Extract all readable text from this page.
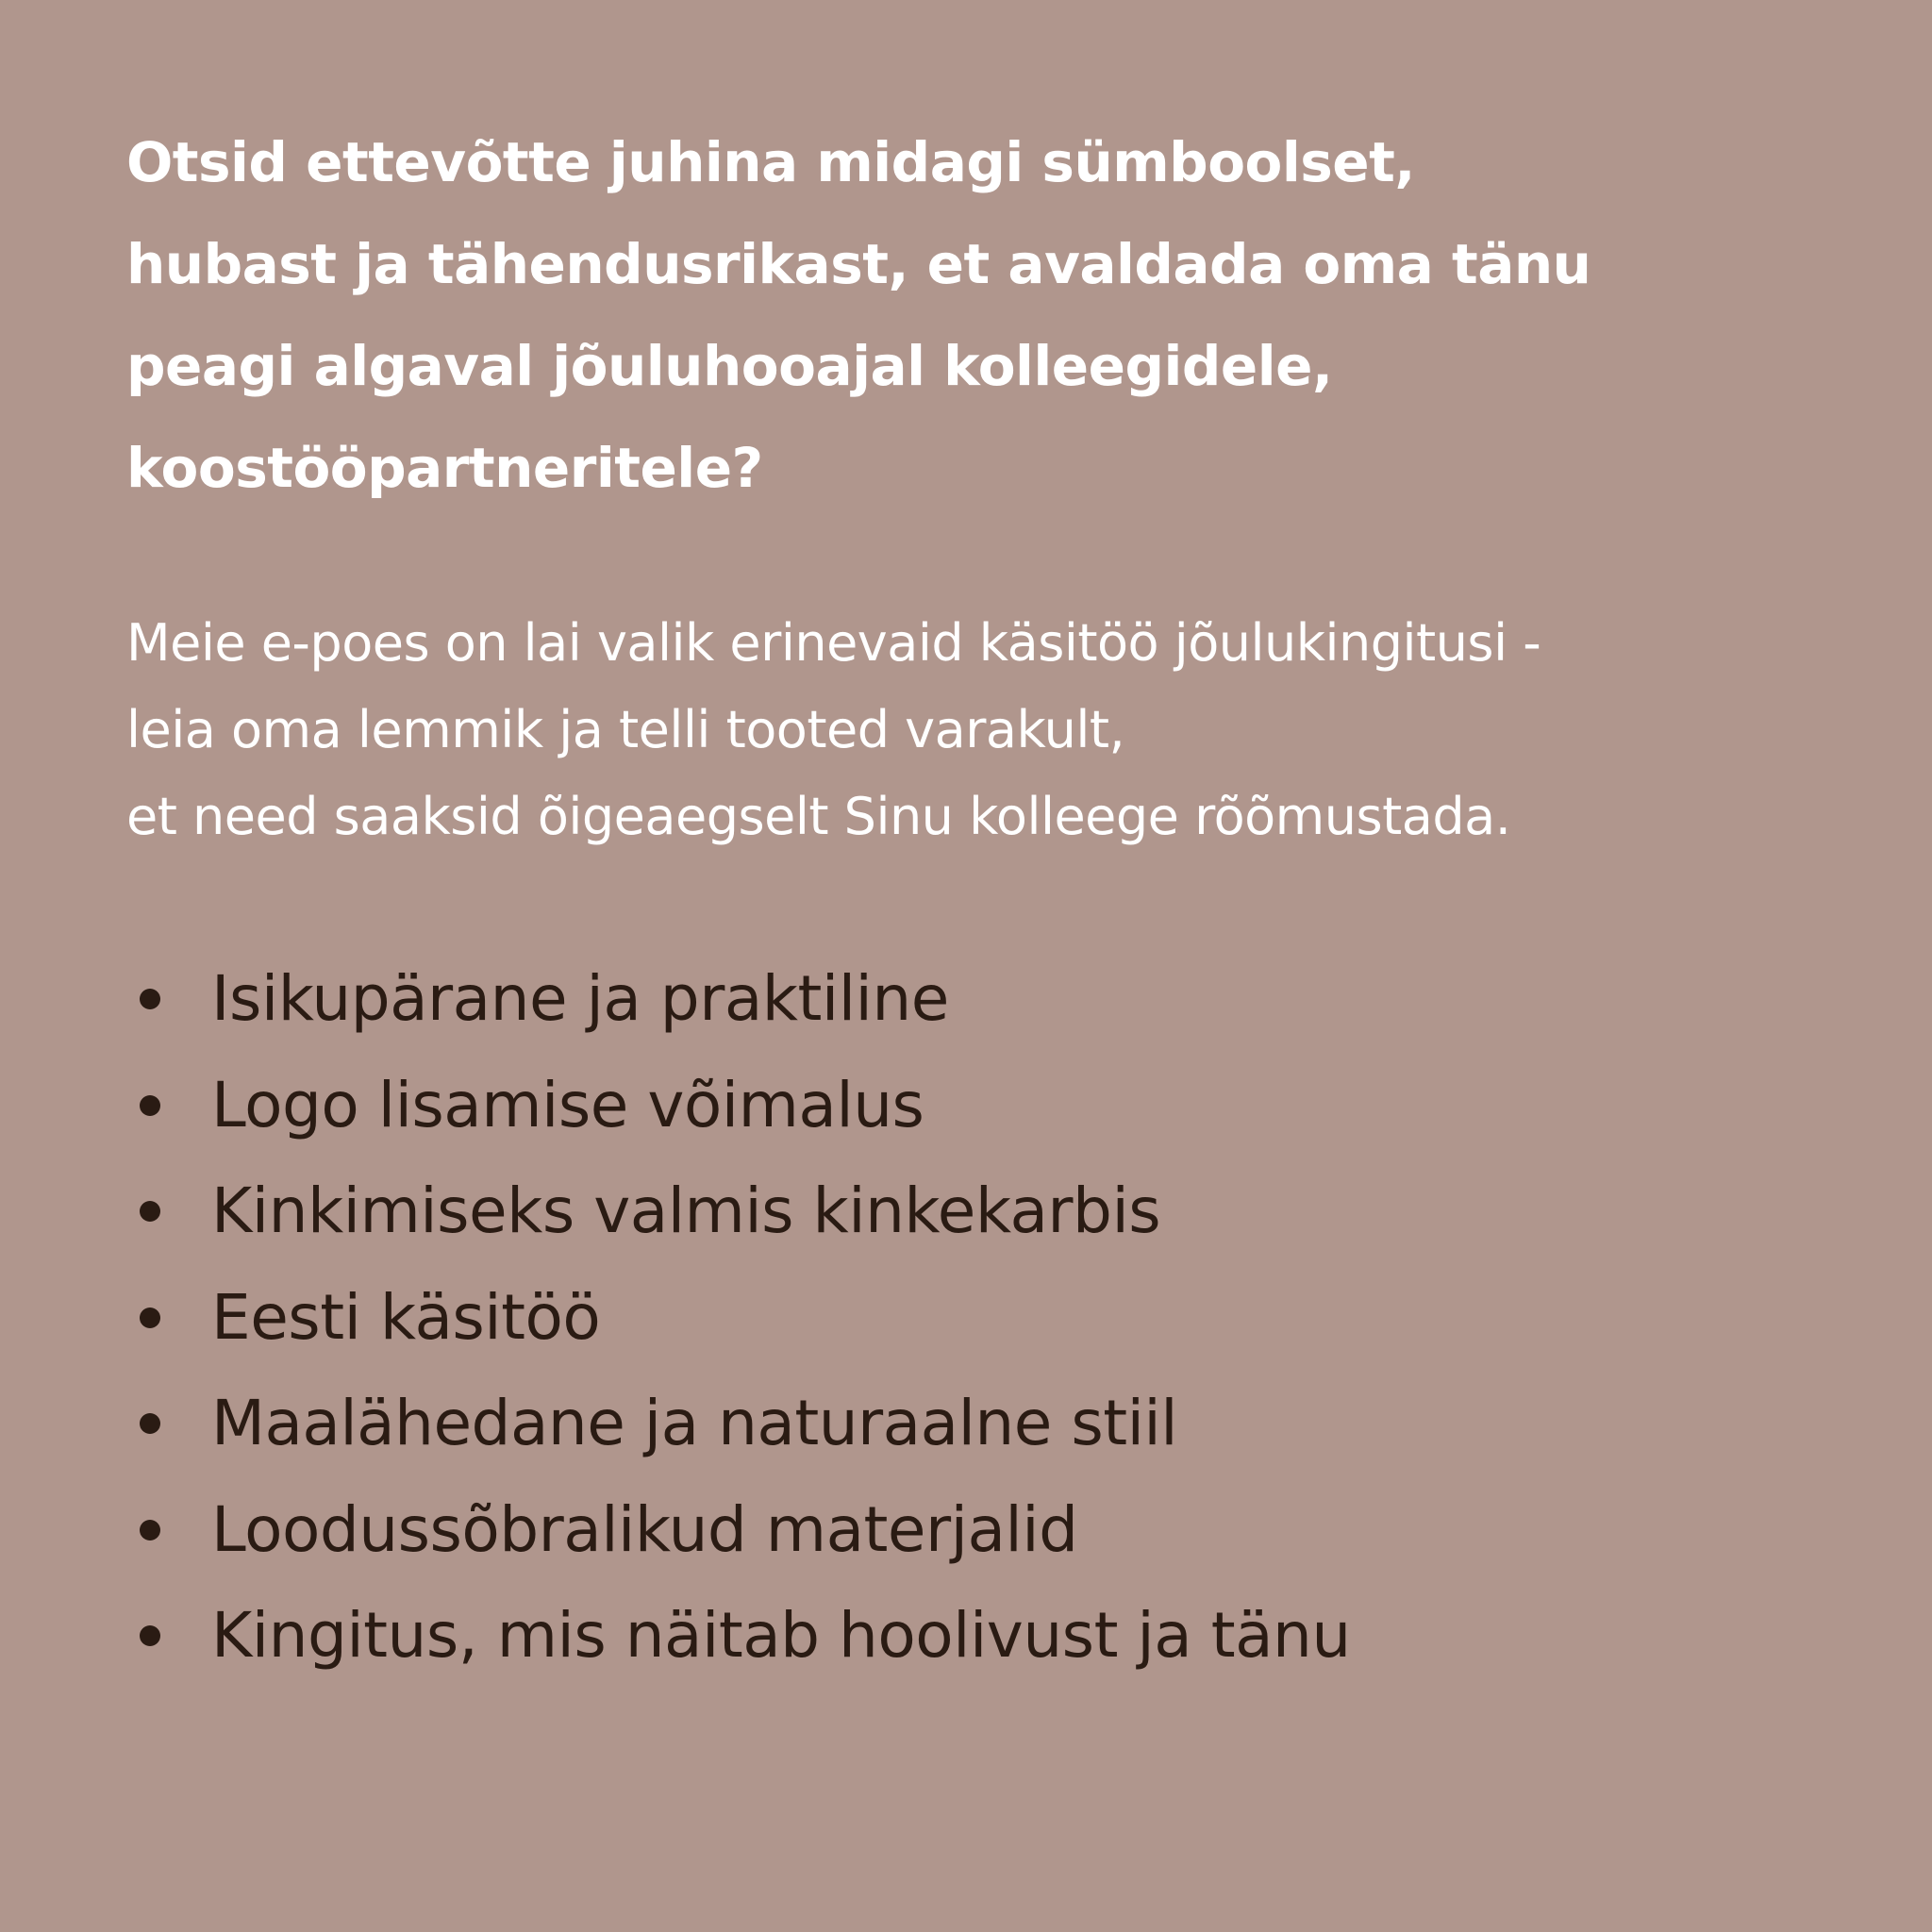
Otsid ettevõtte juhina midagi sümboolset,
hubast ja tähendusrikast, et avaldada oma tänu
peagi algaval jõuluhooajal kolleegidele,
koostööpartneritele?

Meie e-poes on lai valik erinevaid käsitöö jõulukingitusi -
leia oma lemmik ja telli tooted varakult,
et need saaksid õigeaegselt Sinu kolleege rõõmustada.

Isikupärane ja praktiline
Logo lisamise võimalus
Kinkimiseks valmis kinkekarbis
Eesti käsitöö
Maalähedane ja naturaalne stiil
Loodussõbralikud materjalid
Kingitus, mis näitab hoolivust ja tänu
